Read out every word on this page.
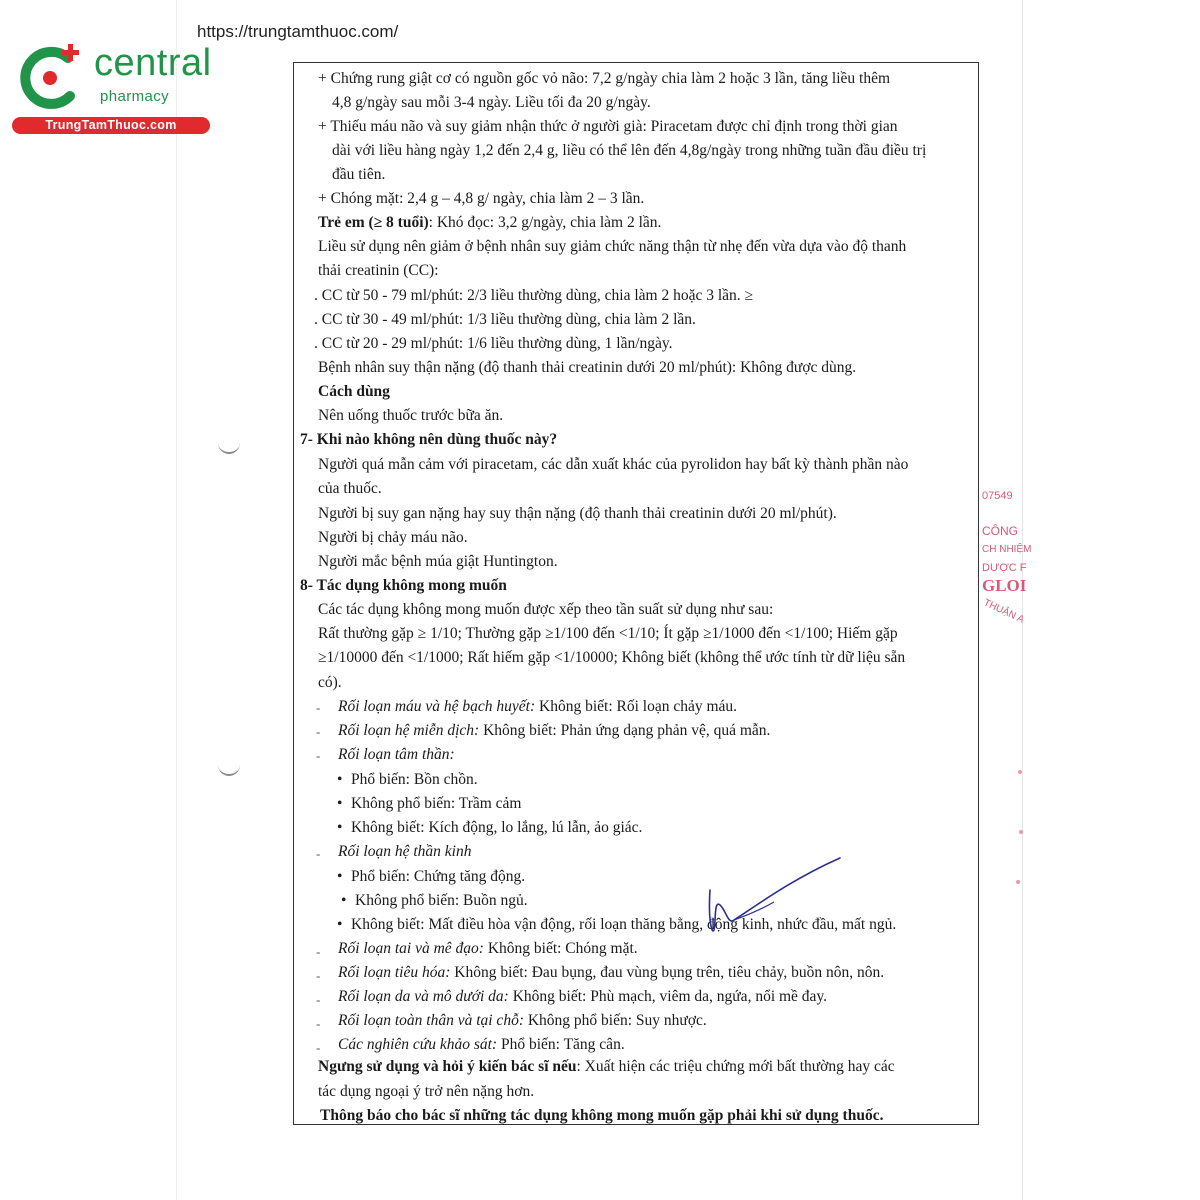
https://trungtamthuoc.com/
central
pharmacy
TrungTamThuoc.com
+ Chứng rung giật cơ có nguồn gốc vỏ não: 7,2 g/ngày chia làm 2 hoặc 3 lần, tăng liều thêm
4,8 g/ngày sau mỗi 3-4 ngày. Liều tối đa 20 g/ngày.
+ Thiếu máu não và suy giảm nhận thức ở người già: Piracetam được chỉ định trong thời gian
dài với liều hàng ngày 1,2 đến 2,4 g, liều có thể lên đến 4,8g/ngày trong những tuần đầu điều trị
đầu tiên.
+ Chóng mặt: 2,4 g – 4,8 g/ ngày, chia làm 2 – 3 lần.
Trẻ em (≥ 8 tuổi): Khó đọc: 3,2 g/ngày, chia làm 2 lần.
Liều sử dụng nên giảm ở bệnh nhân suy giảm chức năng thận từ nhẹ đến vừa dựa vào độ thanh
thải creatinin (CC):
. CC từ 50 - 79 ml/phút: 2/3 liều thường dùng, chia làm 2 hoặc 3 lần. ≥
. CC từ 30 - 49 ml/phút: 1/3 liều thường dùng, chia làm 2 lần.
. CC từ 20 - 29 ml/phút: 1/6 liều thường dùng, 1 lần/ngày.
Bệnh nhân suy thận nặng (độ thanh thải creatinin dưới 20 ml/phút): Không được dùng.
Cách dùng
Nên uống thuốc trước bữa ăn.
7- Khi nào không nên dùng thuốc này?
Người quá mẫn cảm với piracetam, các dẫn xuất khác của pyrolidon hay bất kỳ thành phần nào
của thuốc.
Người bị suy gan nặng hay suy thận nặng (độ thanh thải creatinin dưới 20 ml/phút).
Người bị chảy máu não.
Người mắc bệnh múa giật Huntington.
8- Tác dụng không mong muốn
Các tác dụng không mong muốn được xếp theo tần suất sử dụng như sau:
Rất thường gặp ≥ 1/10; Thường gặp ≥1/100 đến <1/10; Ít gặp ≥1/1000 đến <1/100; Hiếm gặp
≥1/10000 đến <1/1000; Rất hiếm gặp <1/10000; Không biết (không thể ước tính từ dữ liệu sẵn
có).
- Rối loạn máu và hệ bạch huyết: Không biết: Rối loạn chảy máu.
- Rối loạn hệ miễn dịch: Không biết: Phản ứng dạng phản vệ, quá mẫn.
- Rối loạn tâm thần:
• Phổ biến: Bồn chồn.
• Không phổ biến: Trầm cảm
• Không biết: Kích động, lo lắng, lú lẫn, ảo giác.
- Rối loạn hệ thần kinh
• Phổ biến: Chứng tăng động.
• Không phổ biến: Buồn ngủ.
• Không biết: Mất điều hòa vận động, rối loạn thăng bằng, động kinh, nhức đầu, mất ngủ.
- Rối loạn tai và mê đạo: Không biết: Chóng mặt.
- Rối loạn tiêu hóa: Không biết: Đau bụng, đau vùng bụng trên, tiêu chảy, buồn nôn, nôn.
- Rối loạn da và mô dưới da: Không biết: Phù mạch, viêm da, ngứa, nổi mề đay.
- Rối loạn toàn thân và tại chỗ: Không phổ biến: Suy nhược.
- Các nghiên cứu khảo sát: Phổ biến: Tăng cân.
Ngưng sử dụng và hỏi ý kiến bác sĩ nếu: Xuất hiện các triệu chứng mới bất thường hay các
tác dụng ngoại ý trở nên nặng hơn.
Thông báo cho bác sĩ những tác dụng không mong muốn gặp phải khi sử dụng thuốc.
07549
CÔNG
CH NHIỆM
DƯỢC F
GLOI
THUẬN A
